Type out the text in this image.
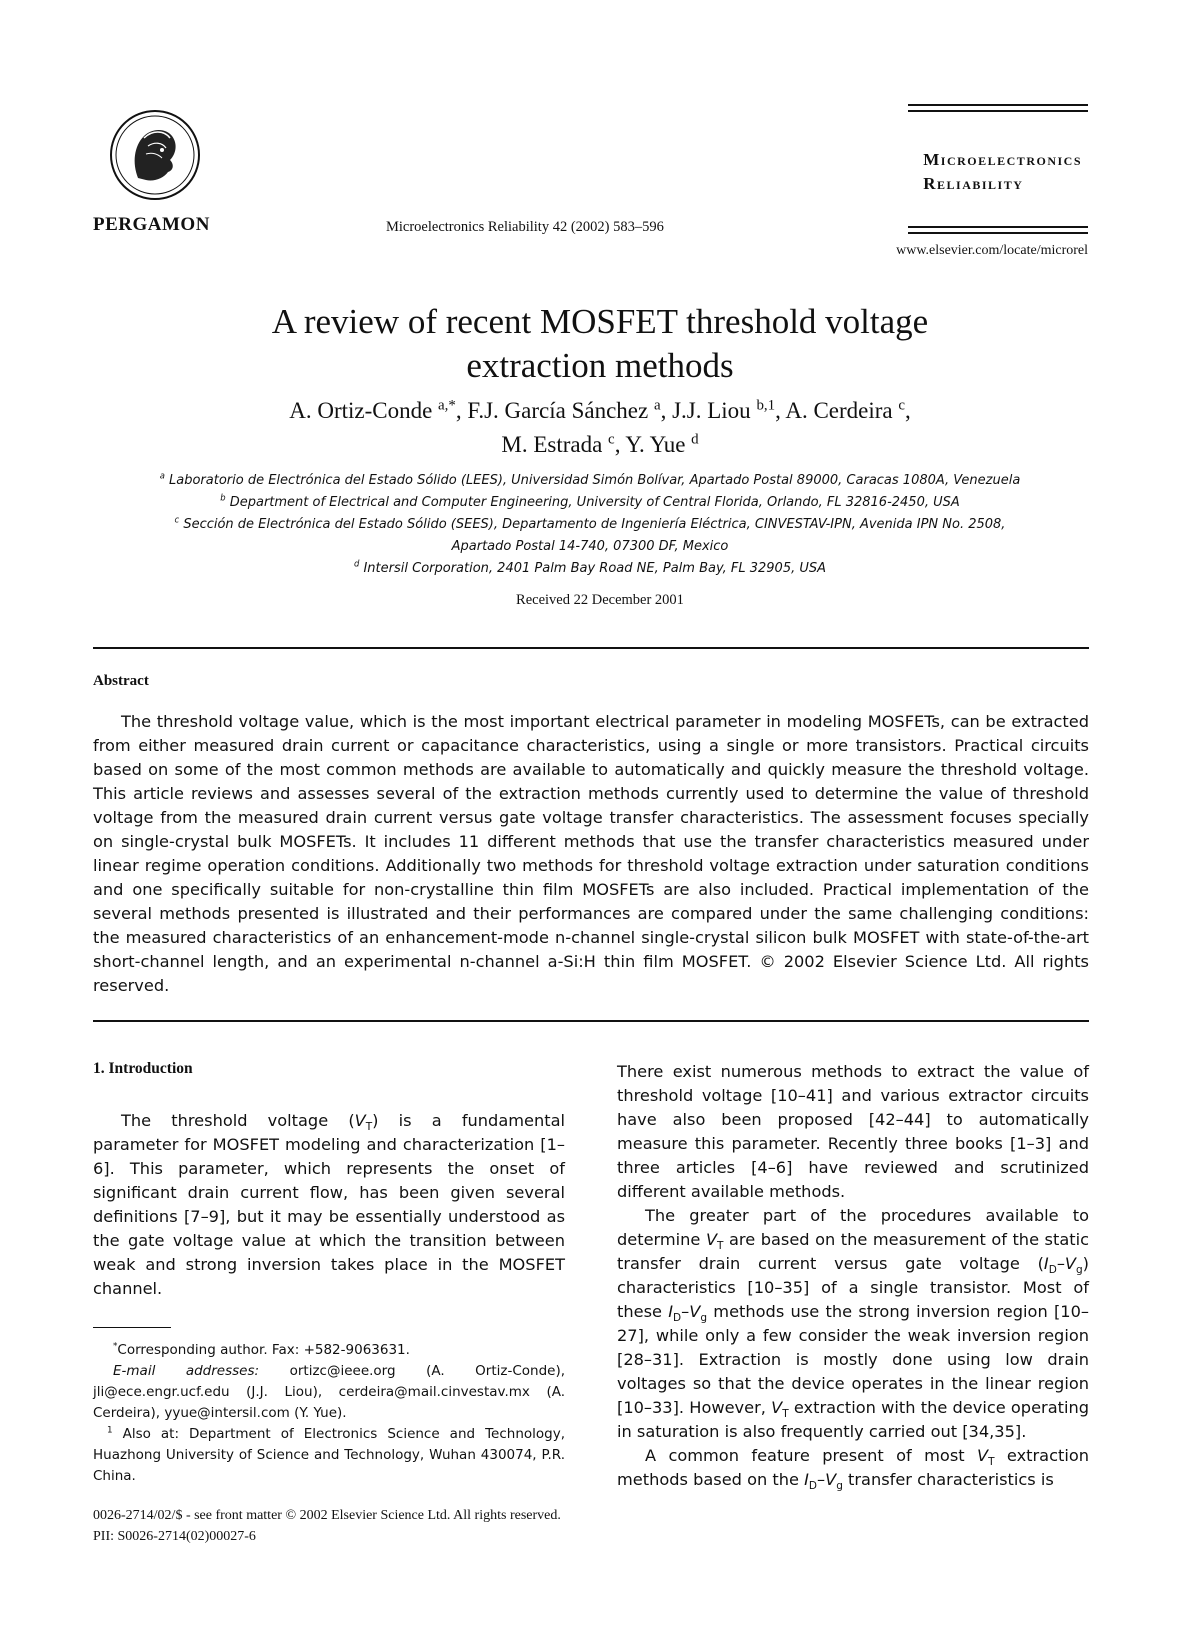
PERGAMON	Microelectronics Reliability 42 (2002) 583–596
Microelectronics
Reliability
www.elsevier.com/locate/microrel
A review of recent MOSFET threshold voltage
extraction methods
A. Ortiz-Conde $^{a,*}$, F.J. García Sánchez $^a$, J.J. Liou $^{b,1}$, A. Cerdeira $^c$,
M. Estrada $^c$, Y. Yue $^d$
$^a$ Laboratorio de Electrónica del Estado Sólido (LEES), Universidad Simón Bolívar, Apartado Postal 89000, Caracas 1080A, Venezuela
$^b$ Department of Electrical and Computer Engineering, University of Central Florida, Orlando, FL 32816-2450, USA
$^c$ Sección de Electrónica del Estado Sólido (SEES), Departamento de Ingeniería Eléctrica, CINVESTAV-IPN, Avenida IPN No. 2508,
Apartado Postal 14-740, 07300 DF, Mexico
$^d$ Intersil Corporation, 2401 Palm Bay Road NE, Palm Bay, FL 32905, USA
Received 22 December 2001
Abstract
The threshold voltage value, which is the most important electrical parameter in modeling MOSFETs, can be extracted from either measured drain current or capacitance characteristics, using a single or more transistors. Practical circuits based on some of the most common methods are available to automatically and quickly measure the threshold voltage. This article reviews and assesses several of the extraction methods currently used to determine the value of threshold voltage from the measured drain current versus gate voltage transfer characteristics. The assessment focuses specially on single-crystal bulk MOSFETs. It includes 11 different methods that use the transfer characteristics measured under linear regime operation conditions. Additionally two methods for threshold voltage extraction under saturation conditions and one specifically suitable for non-crystalline thin film MOSFETs are also included. Practical implementation of the several methods presented is illustrated and their performances are compared under the same challenging conditions: the measured characteristics of an enhancement-mode n-channel single-crystal silicon bulk MOSFET with state-of-the-art short-channel length, and an experimental n-channel a-Si:H thin film MOSFET. © 2002 Elsevier Science Ltd. All rights reserved.
1. Introduction

The threshold voltage $(V_T)$ is a fundamental parameter for MOSFET modeling and characterization [1–6]. This parameter, which represents the onset of significant drain current flow, has been given several definitions [7–9], but it may be essentially understood as the gate voltage value at which the transition between weak and strong inversion takes place in the MOSFET channel.

*Corresponding author. Fax: +582-9063631.

E-mail addresses: ortizc@ieee.org (A. Ortiz-Conde), jli@ece.engr.ucf.edu (J.J. Liou), cerdeira@mail.cinvestav.mx (A. Cerdeira), yyue@intersil.com (Y. Yue).

$^1$ Also at: Department of Electronics Science and Technology, Huazhong University of Science and Technology, Wuhan 430074, P.R. China.

There exist numerous methods to extract the value of threshold voltage [10–41] and various extractor circuits have also been proposed [42–44] to automatically measure this parameter. Recently three books [1–3] and three articles [4–6] have reviewed and scrutinized different available methods.

The greater part of the procedures available to determine $V_T$ are based on the measurement of the static transfer drain current versus gate voltage $(I_D-V_g)$ characteristics [10–35] of a single transistor. Most of these $I_D-V_g$ methods use the strong inversion region [10–27], while only a few consider the weak inversion region [28–31]. Extraction is mostly done using low drain voltages so that the device operates in the linear region [10–33]. However, $V_T$ extraction with the device operating in saturation is also frequently carried out [34,35].

A common feature present of most $V_T$ extraction methods based on the $I_D-V_g$ transfer characteristics is

0026-2714/02/$ - see front matter © 2002 Elsevier Science Ltd. All rights reserved.
PII: S0026-2714(02)00027-6
